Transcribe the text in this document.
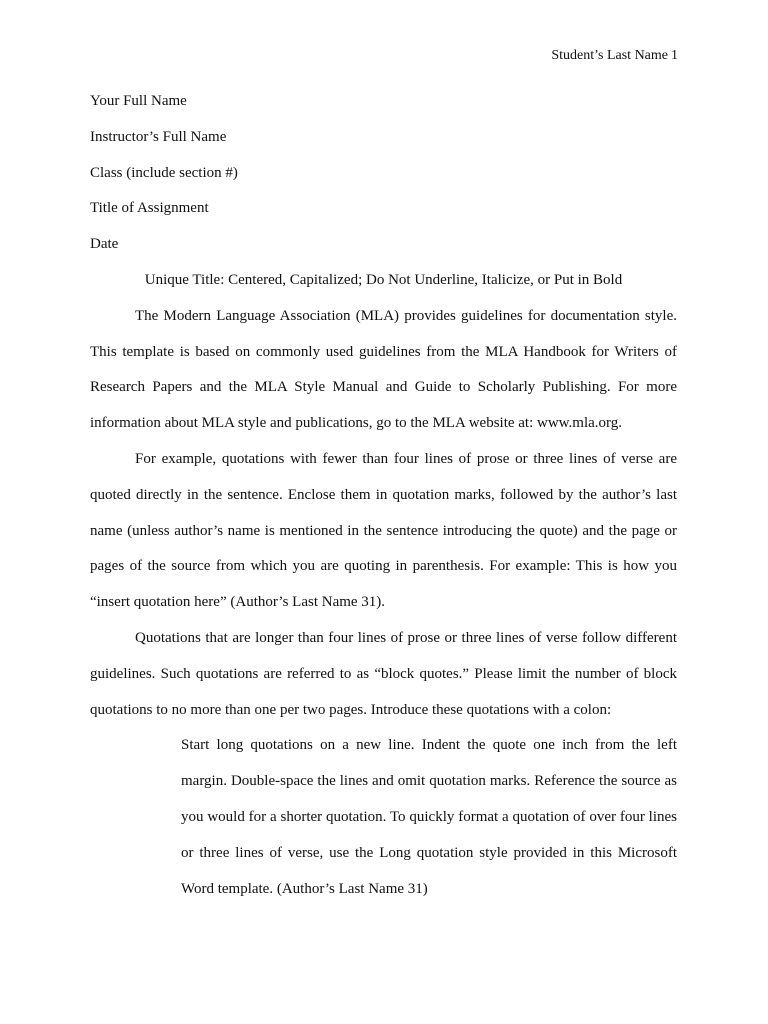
Student’s Last Name 1

Your Full Name

Instructor’s Full Name

Class (include section #)

Title of Assignment

Date

Unique Title: Centered, Capitalized; Do Not Underline, Italicize, or Put in Bold

The Modern Language Association (MLA) provides guidelines for documentation style. This template is based on commonly used guidelines from the MLA Handbook for Writers of Research Papers and the MLA Style Manual and Guide to Scholarly Publishing. For more information about MLA style and publications, go to the MLA website at: www.mla.org.

For example, quotations with fewer than four lines of prose or three lines of verse are quoted directly in the sentence. Enclose them in quotation marks, followed by the author’s last name (unless author’s name is mentioned in the sentence introducing the quote) and the page or pages of the source from which you are quoting in parenthesis. For example: This is how you “insert quotation here” (Author’s Last Name 31).

Quotations that are longer than four lines of prose or three lines of verse follow different guidelines. Such quotations are referred to as “block quotes.” Please limit the number of block quotations to no more than one per two pages. Introduce these quotations with a colon:

Start long quotations on a new line. Indent the quote one inch from the left margin. Double-space the lines and omit quotation marks. Reference the source as you would for a shorter quotation. To quickly format a quotation of over four lines or three lines of verse, use the Long quotation style provided in this Microsoft Word template. (Author’s Last Name 31)
